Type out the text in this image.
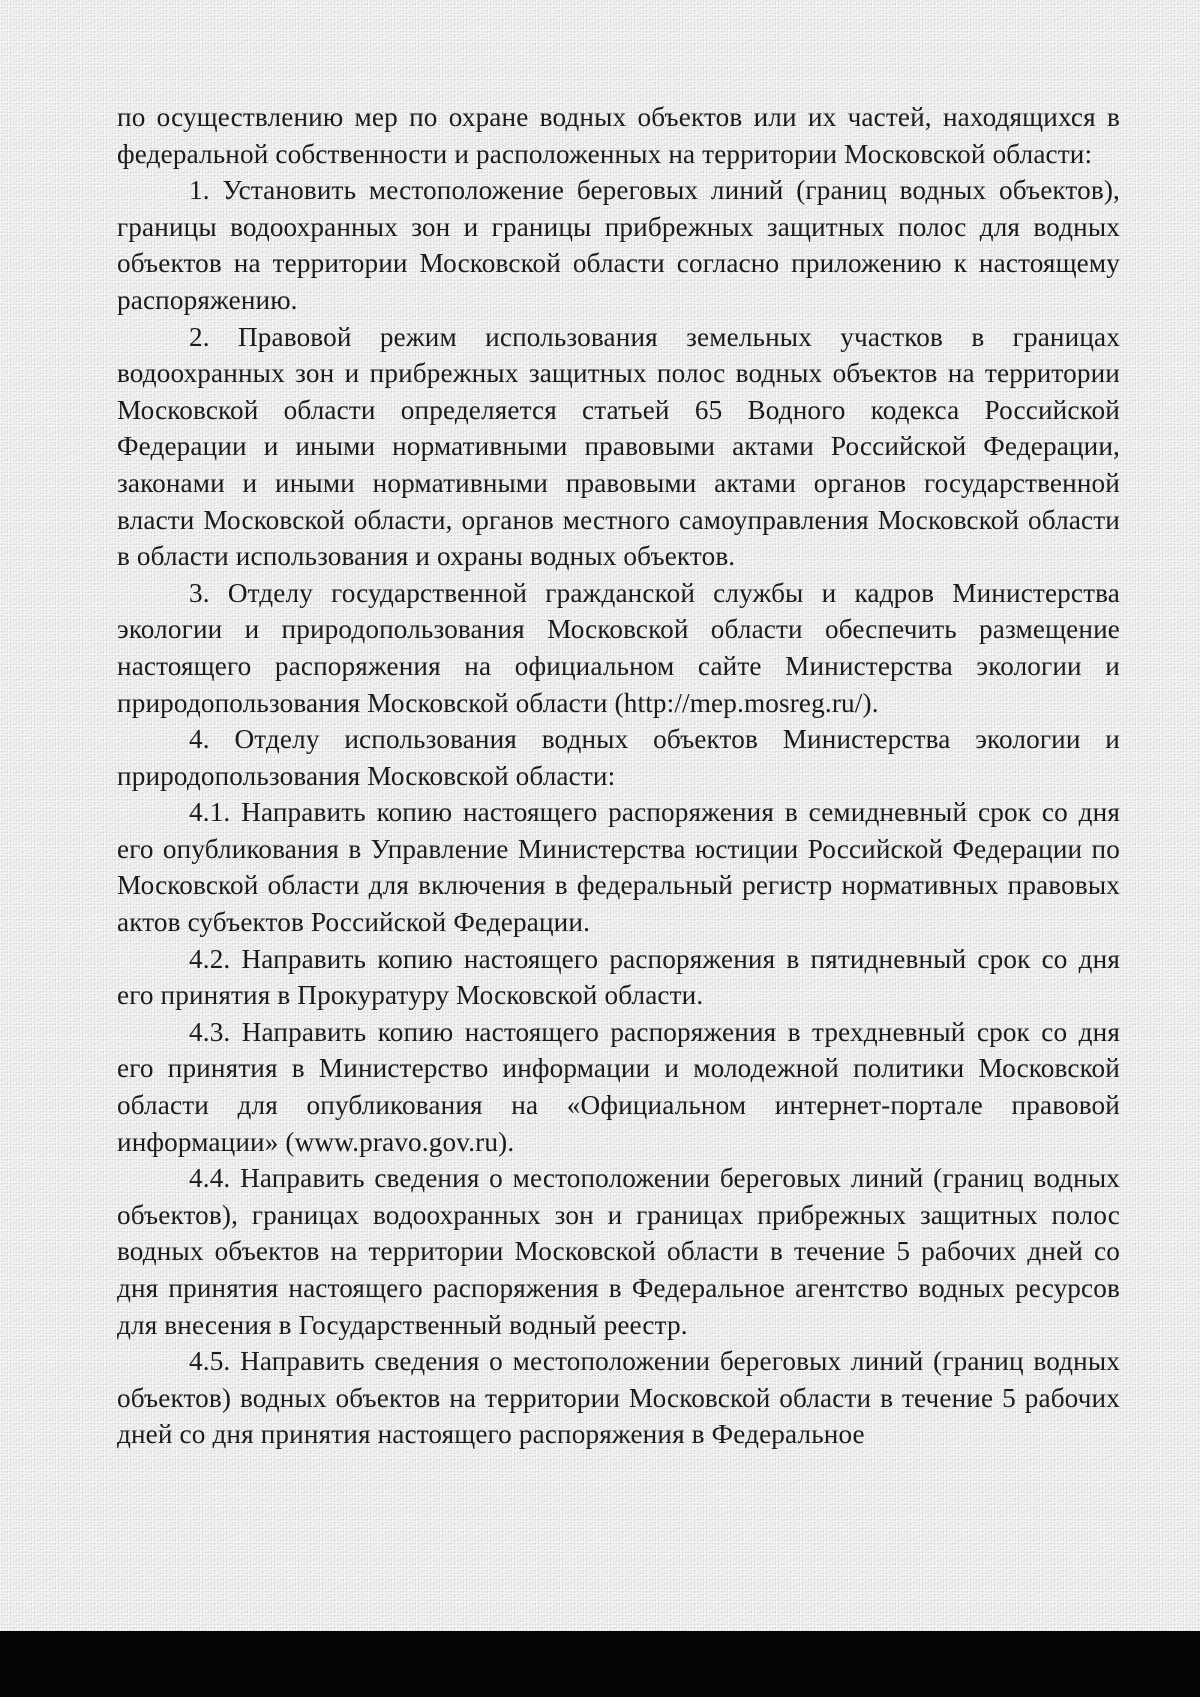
по осуществлению мер по охране водных объектов или их частей, находящихся в федеральной собственности и расположенных на территории Московской области:

1. Установить местоположение береговых линий (границ водных объектов), границы водоохранных зон и границы прибрежных защитных полос для водных объектов на территории Московской области согласно приложению к настоящему распоряжению.

2. Правовой режим использования земельных участков в границах водоохранных зон и прибрежных защитных полос водных объектов на территории Московской области определяется статьей 65 Водного кодекса Российской Федерации и иными нормативными правовыми актами Российской Федерации, законами и иными нормативными правовыми актами органов государственной власти Московской области, органов местного самоуправления Московской области в области использования и охраны водных объектов.

3. Отделу государственной гражданской службы и кадров Министерства экологии и природопользования Московской области обеспечить размещение настоящего распоряжения на официальном сайте Министерства экологии и природопользования Московской области (http://mep.mosreg.ru/).

4. Отделу использования водных объектов Министерства экологии и природопользования Московской области:

4.1. Направить копию настоящего распоряжения в семидневный срок со дня его опубликования в Управление Министерства юстиции Российской Федерации по Московской области для включения в федеральный регистр нормативных правовых актов субъектов Российской Федерации.

4.2. Направить копию настоящего распоряжения в пятидневный срок со дня его принятия в Прокуратуру Московской области.

4.3. Направить копию настоящего распоряжения в трехдневный срок со дня его принятия в Министерство информации и молодежной политики Московской области для опубликования на «Официальном интернет-портале правовой информации» (www.pravo.gov.ru).

4.4. Направить сведения о местоположении береговых линий (границ водных объектов), границах водоохранных зон и границах прибрежных защитных полос водных объектов на территории Московской области в течение 5 рабочих дней со дня принятия настоящего распоряжения в Федеральное агентство водных ресурсов для внесения в Государственный водный реестр.

4.5. Направить сведения о местоположении береговых линий (границ водных объектов) водных объектов на территории Московской области в течение 5 рабочих дней со дня принятия настоящего распоряжения в Федеральное
